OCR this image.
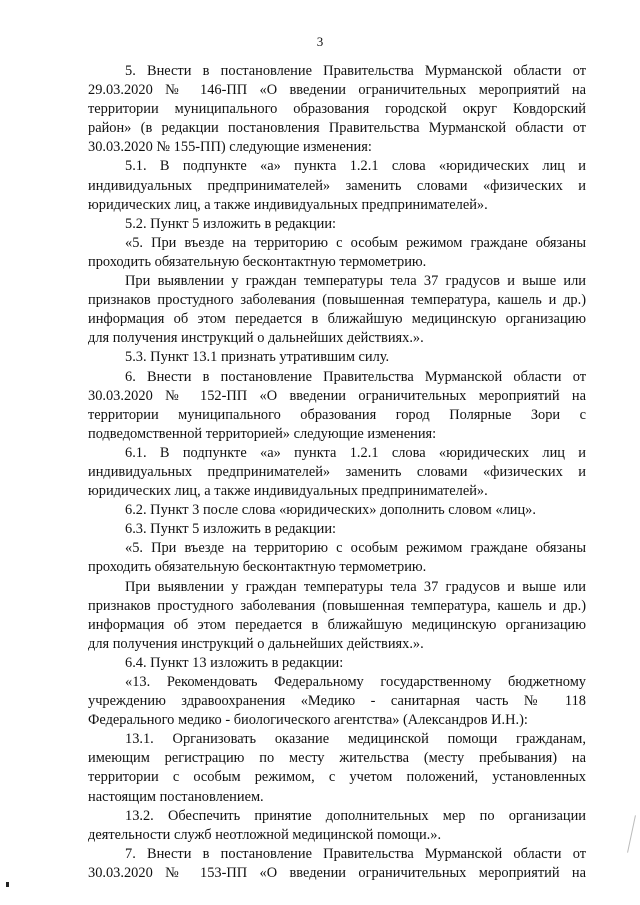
3
5. Внести в постановление Правительства Мурманской области от
29.03.2020 № 146-ПП «О введении ограничительных мероприятий на
территории муниципального образования городской округ Ковдорский
район» (в редакции постановления Правительства Мурманской области от
30.03.2020 № 155-ПП) следующие изменения:
5.1. В подпункте «а» пункта 1.2.1 слова «юридических лиц и
индивидуальных предпринимателей» заменить словами «физических и
юридических лиц, а также индивидуальных предпринимателей».
5.2. Пункт 5 изложить в редакции:
«5. При въезде на территорию с особым режимом граждане обязаны
проходить обязательную бесконтактную термометрию.
При выявлении у граждан температуры тела 37 градусов и выше или
признаков простудного заболевания (повышенная температура, кашель и др.)
информация об этом передается в ближайшую медицинскую организацию
для получения инструкций о дальнейших действиях.».
5.3. Пункт 13.1 признать утратившим силу.
6. Внести в постановление Правительства Мурманской области от
30.03.2020 № 152-ПП «О введении ограничительных мероприятий на
территории муниципального образования город Полярные Зори с
подведомственной территорией» следующие изменения:
6.1. В подпункте «а» пункта 1.2.1 слова «юридических лиц и
индивидуальных предпринимателей» заменить словами «физических и
юридических лиц, а также индивидуальных предпринимателей».
6.2. Пункт 3 после слова «юридических» дополнить словом «лиц».
6.3. Пункт 5 изложить в редакции:
«5. При въезде на территорию с особым режимом граждане обязаны
проходить обязательную бесконтактную термометрию.
При выявлении у граждан температуры тела 37 градусов и выше или
признаков простудного заболевания (повышенная температура, кашель и др.)
информация об этом передается в ближайшую медицинскую организацию
для получения инструкций о дальнейших действиях.».
6.4. Пункт 13 изложить в редакции:
«13. Рекомендовать Федеральному государственному бюджетному
учреждению здравоохранения «Медико - санитарная часть № 118
Федерального медико - биологического агентства» (Александров И.Н.):
13.1. Организовать оказание медицинской помощи гражданам,
имеющим регистрацию по месту жительства (месту пребывания) на
территории с особым режимом, с учетом положений, установленных
настоящим постановлением.
13.2. Обеспечить принятие дополнительных мер по организации
деятельности служб неотложной медицинской помощи.».
7. Внести в постановление Правительства Мурманской области от
30.03.2020 № 153-ПП «О введении ограничительных мероприятий на
